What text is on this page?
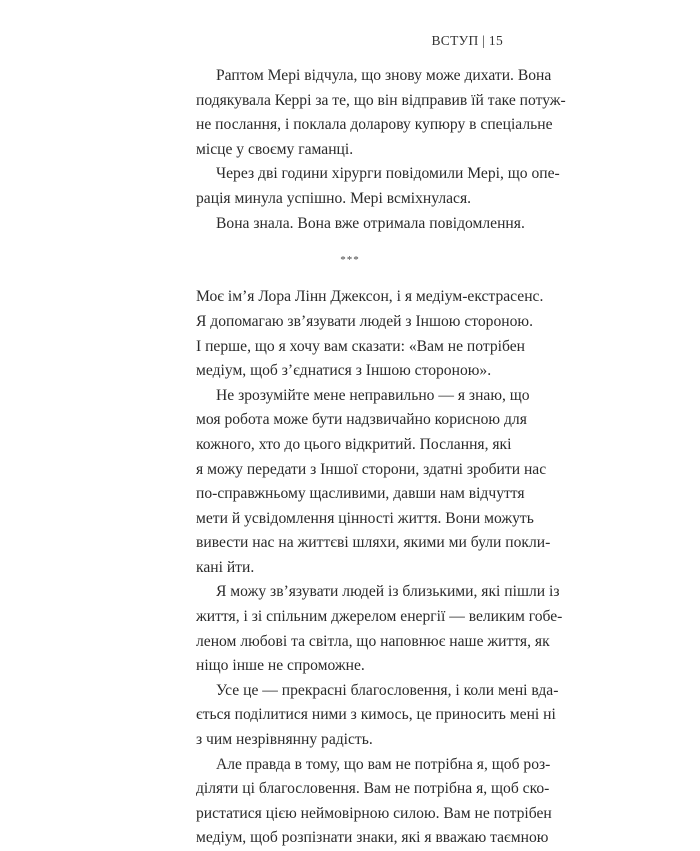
ВСТУП | 15
Раптом Мері відчула, що знову може дихати. Вона
подякувала Керрі за те, що він відправив їй таке потуж-
не послання, і поклала доларову купюру в спеціальне
місце у своєму гаманці.
Через дві години хірурги повідомили Мері, що опе-
рація минула успішно. Мері всміхнулася.
Вона знала. Вона вже отримала повідомлення.
***
Моє ім’я Лора Лінн Джексон, і я медіум-екстрасенс.
Я допомагаю зв’язувати людей з Іншою стороною.
І перше, що я хочу вам сказати: «Вам не потрібен
медіум, щоб з’єднатися з Іншою стороною».
Не зрозумійте мене неправильно — я знаю, що
моя робота може бути надзвичайно корисною для
кожного, хто до цього відкритий. Послання, які
я можу передати з Іншої сторони, здатні зробити нас
по-справжньому щасливими, давши нам відчуття
мети й усвідомлення цінності життя. Вони можуть
вивести нас на життєві шляхи, якими ми були покли-
кані йти.
Я можу зв’язувати людей із близькими, які пішли із
життя, і зі спільним джерелом енергії — великим гобе-
леном любові та світла, що наповнює наше життя, як
ніщо інше не спроможне.
Усе це — прекрасні благословення, і коли мені вда-
ється поділитися ними з кимось, це приносить мені ні
з чим незрівнянну радість.
Але правда в тому, що вам не потрібна я, щоб роз-
діляти ці благословення. Вам не потрібна я, щоб ско-
ристатися цією неймовірною силою. Вам не потрібен
медіум, щоб розпізнати знаки, які я вважаю таємною
